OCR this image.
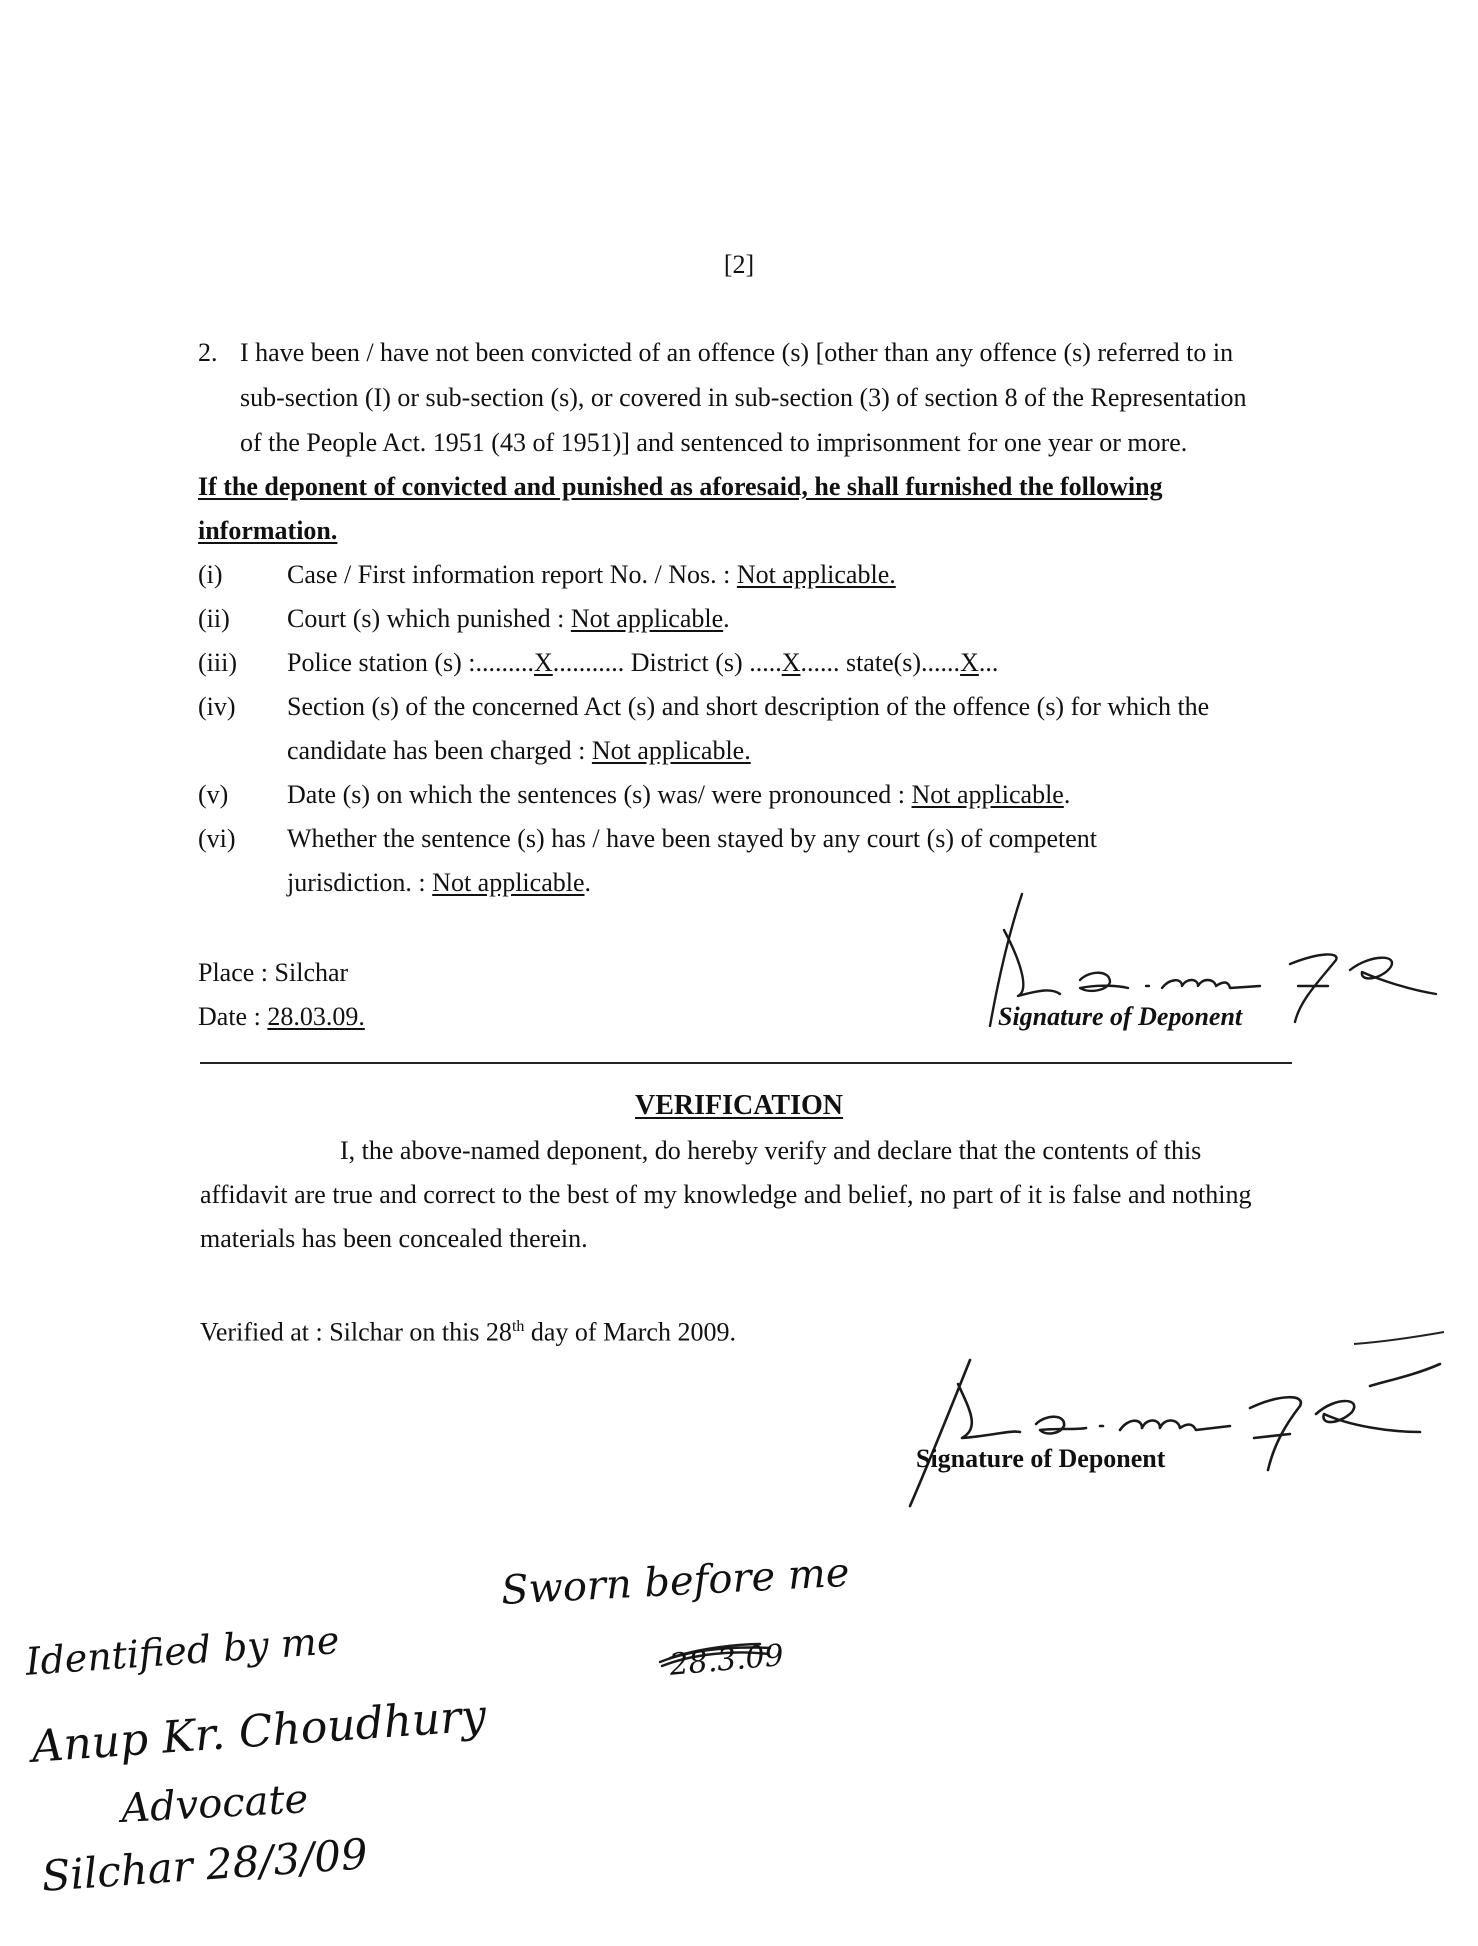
[2]
2. I have been / have not been convicted of an offence (s) [other than any offence (s) referred to in
sub-section (I) or sub-section (s), or covered in sub-section (3) of section 8 of the Representation
of the People Act. 1951 (43 of 1951)] and sentenced to imprisonment for one year or more.
If the deponent of convicted and punished as aforesaid, he shall furnished the following
information.
(i) Case / First information report No. / Nos. : Not applicable.
(ii) Court (s) which punished : Not applicable.
(iii) Police station (s) :.........X........... District (s) .....X...... state(s)......X...
(iv) Section (s) of the concerned Act (s) and short description of the offence (s) for which the
candidate has been charged : Not applicable.
(v) Date (s) on which the sentences (s) was/ were pronounced : Not applicable.
(vi) Whether the sentence (s) has / have been stayed by any court (s) of competent
jurisdiction. : Not applicable.
Place : Silchar
Date : 28.03.09.	Signature of Deponent
VERIFICATION
I, the above-named deponent, do hereby verify and declare that the contents of this
affidavit are true and correct to the best of my knowledge and belief, no part of it is false and nothing
materials has been concealed therein.
Verified at : Silchar on this 28th day of March 2009.
Signature of Deponent
Sworn before me
28.3.09
Identified by me
Anup Kr. Choudhury
Advocate
Silchar 28/3/09
